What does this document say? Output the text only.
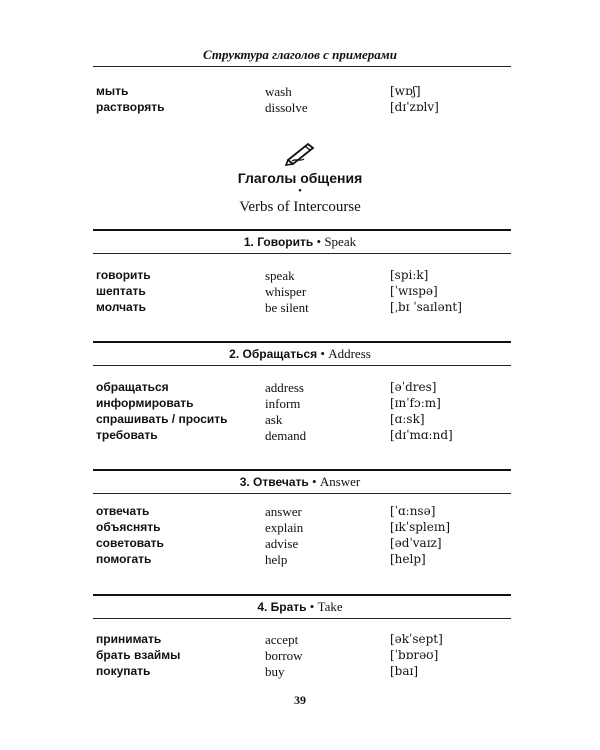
Структура глаголов с примерами
мыть	wash	[wɒʃ]
растворять	dissolve	[dɪˈzɒlv]
Глаголы общения
•
Verbs of Intercourse
1. Говорить • Speak
говорить	speak	[spiːk]
шептать	whisper	[ˈwɪspə]
молчать	be silent	[ˌbɪ ˈsaɪlənt]
2. Обращаться • Address
обращаться	address	[əˈdres]
информировать	inform	[ɪnˈfɔːm]
спрашивать / просить	ask	[ɑːsk]
требовать	demand	[dɪˈmɑːnd]
3. Отвечать • Answer
отвечать	answer	[ˈɑːnsə]
объяснять	explain	[ɪkˈspleɪn]
советовать	advise	[ədˈvaɪz]
помогать	help	[help]
4. Брать • Take
принимать	accept	[əkˈsept]
брать взаймы	borrow	[ˈbɒrəʊ]
покупать	buy	[baɪ]
39
